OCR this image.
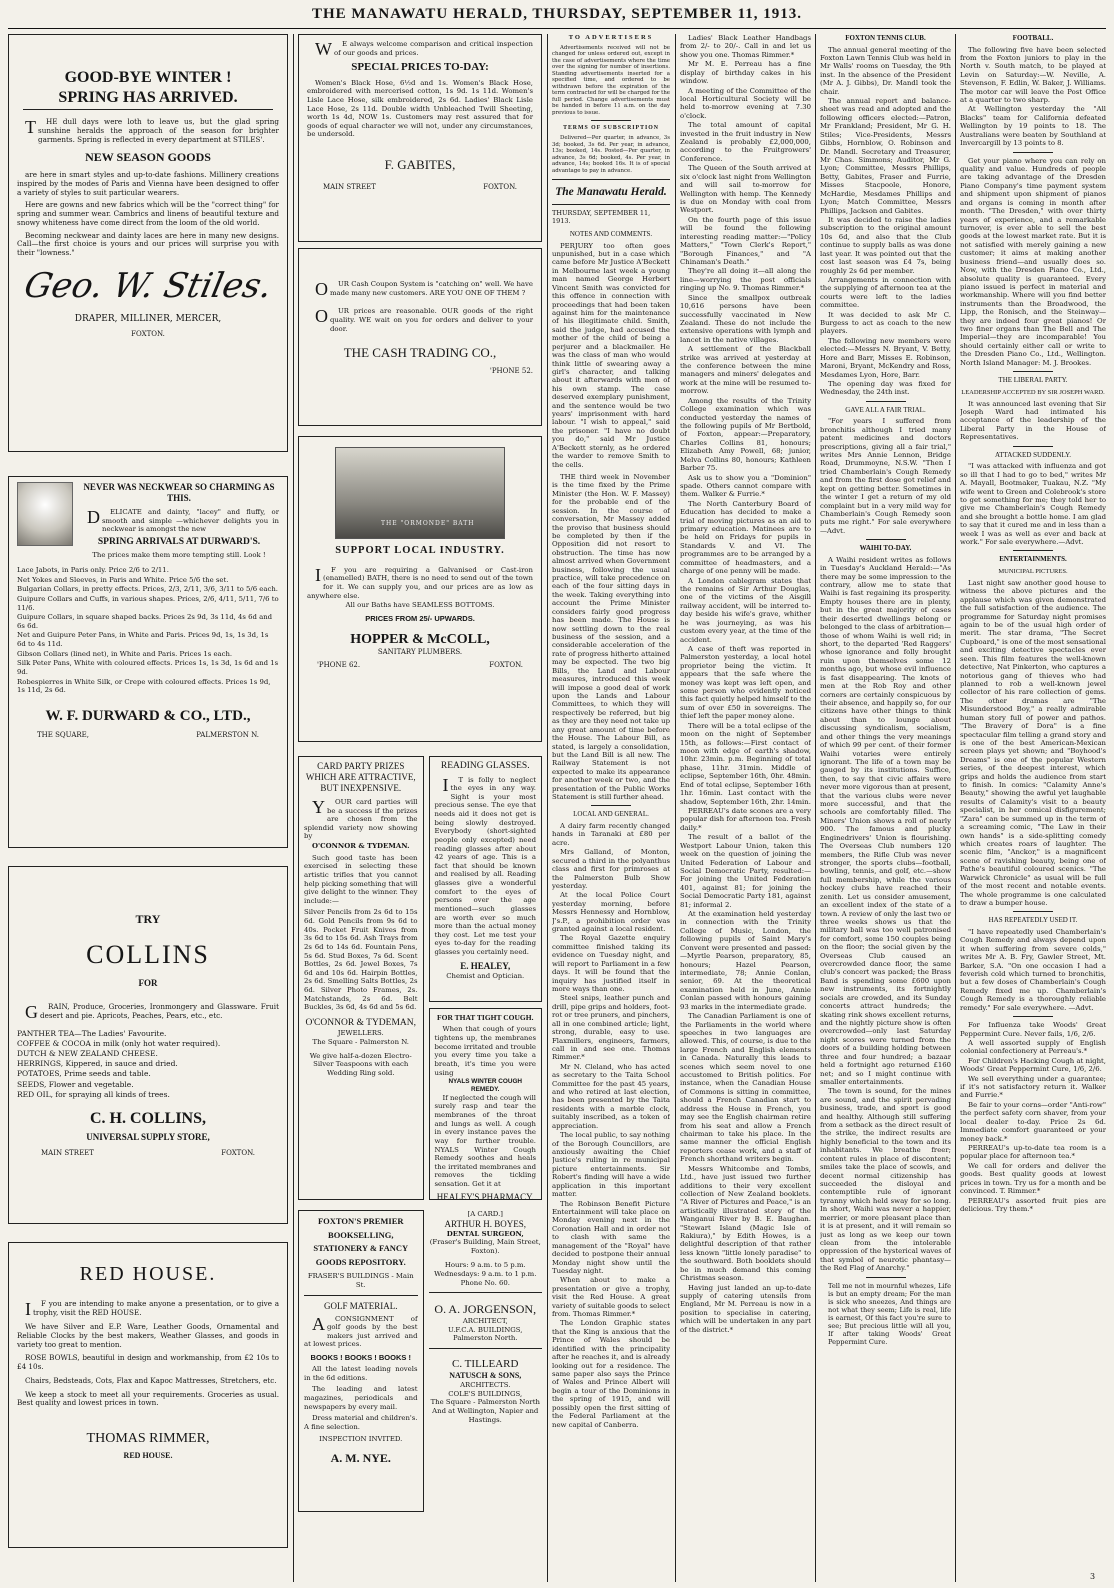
THE MANAWATU HERALD, THURSDAY, SEPTEMBER 11, 1913.
GOOD-BYE WINTER !
SPRING HAS ARRIVED.

THE dull days were loth to leave us, but the glad spring sunshine heralds the approach of the season for brighter garments. Spring is reflected in every department at STILES'.

NEW SEASON GOODS

are here in smart styles and up-to-date fashions. Millinery creations inspired by the modes of Paris and Vienna have been designed to offer a variety of styles to suit particular wearers.

Here are gowns and new fabrics which will be the "correct thing" for spring and summer wear. Cambrics and linens of beautiful texture and snowy whiteness have come direct from the loom of the old world.

Becoming neckwear and dainty laces are here in many new designs. Call—the first choice is yours and our prices will surprise you with their "lowness."

Geo. W. Stiles.
DRAPER, MILLINER, MERCER,
FOXTON.
NEVER WAS NECKWEAR SO CHARMING AS THIS.

DELICATE and dainty, "lacey" and fluffy, or smooth and simple —whichever delights you in neckwear is amongst the new

SPRING ARRIVALS AT DURWARD'S.
The prices make them more tempting still. Look !
Lace Jabots, in Paris only. Price 2/6 to 2/11.
Net Yokes and Sleeves, in Paris and White. Price 5/6 the set.
Bulgarian Collars, in pretty effects. Prices, 2/3, 2/11, 3/6, 3/11 to 5/6 each.
Guipure Collars and Cuffs, in various shapes. Prices, 2/6, 4/11, 5/11, 7/6 to 11/6.
Guipure Collars, in square shaped backs. Prices 2s 9d, 3s 11d, 4s 6d and 6s 6d.
Net and Guipure Peter Pans, in White and Paris. Prices 9d, 1s, 1s 3d, 1s 6d to 4s 11d.
Gibson Collars (lined net), in White and Paris. Prices 1s each.
Silk Peter Pans, White with coloured effects. Prices 1s, 1s 3d, 1s 6d and 1s 9d.
Robespierres in White Silk, or Crepe with coloured effects. Prices 1s 9d, 1s 11d, 2s 6d.
W. F. DURWARD & CO., LTD.,
THE SQUARE,	PALMERSTON N.
TRY
COLLINS
FOR

GRAIN, Produce, Groceries, Ironmongery and Glassware. Fruit desert and pie. Apricots, Peaches, Pears, etc., etc.

PANTHER TEA—The Ladies' Favourite.
COFFEE & COCOA in milk (only hot water required).
DUTCH & NEW ZEALAND CHEESE.
HERRINGS, Kippered, in sauce and dried.
POTATOES, Prime seeds and table.
SEEDS, Flower and vegetable.
RED OIL, for spraying all kinds of trees.
C. H. COLLINS,
UNIVERSAL SUPPLY STORE,
MAIN STREET	FOXTON.
RED HOUSE.

IF you are intending to make anyone a presentation, or to give a trophy, visit the RED HOUSE.

We have Silver and E.P. Ware, Leather Goods, Ornamental and Reliable Clocks by the best makers, Weather Glasses, and goods in variety too great to mention.

ROSE BOWLS, beautiful in design and workmanship, from £2 10s to £4 10s.

Chairs, Bedsteads, Cots, Flax and Kapoc Mattresses, Stretchers, etc.

We keep a stock to meet all your requirements. Groceries as usual. Best quality and lowest prices in town.

THOMAS RIMMER,
RED HOUSE.

WE always welcome comparison and critical inspection of our goods and prices.

SPECIAL PRICES TO-DAY:

Women's Black Hose, 6½d and 1s. Women's Black Hose, embroidered with mercerised cotton, 1s 9d. 1s 11d. Women's Lisle Lace Hose, silk embroidered, 2s 6d. Ladies' Black Lisle Lace Hose, 2s 11d. Double width Unbleached Twill Sheeting, worth 1s 4d, NOW 1s. Customers may rest assured that for goods of equal character we will not, under any circumstances, be undersold.

F. GABITES,
MAIN STREET	FOXTON.

OUR Cash Coupon System is "catching on" well. We have made many new customers. ARE YOU ONE OF THEM ?

OUR prices are reasonable. OUR goods of the right quality. WE wait on you for orders and deliver to your door.

THE CASH TRADING CO.,
'PHONE 52.
THE "ORMONDE" BATH
SUPPORT LOCAL INDUSTRY.

IF you are requiring a Galvanised or Cast-iron (enamelled) BATH, there is no need to send out of the town for it. We can supply you, and our prices are as low as anywhere else.

All our Baths have SEAMLESS BOTTOMS.
PRICES FROM 25/- UPWARDS.
HOPPER & McCOLL,
SANITARY PLUMBERS.
'PHONE 62.	FOXTON.
CARD PARTY PRIZES WHICH ARE ATTRACTIVE, BUT INEXPENSIVE.

YOUR card parties will be a success if the prizes are chosen from the splendid variety now showing by

O'CONNOR & TYDEMAN.

Such good taste has been exercised in selecting these artistic trifles that you cannot help picking something that will give delight to the winner. They include:—

Silver Pencils from 2s 6d to 15s 6d. Gold Pencils from 9s 6d to 40s. Pocket Fruit Knives from 3s 6d to 15s 6d. Ash Trays from 2s 6d to 14s 6d. Fountain Pens, 5s 6d. Stud Boxes, 7s 6d. Scent Bottles, 2s 6d. Jewel Boxes, 7s 6d and 10s 6d. Hairpin Bottles, 2s 6d. Smelling Salts Bottles, 2s 6d. Silver Photo Frames, 2s. Matchstands, 2s 6d. Belt Buckles, 3s 6d, 4s 6d and 5s 6d.

O'CONNOR & TYDEMAN,
JEWELLERS.
The Square - Palmerston N.

We give half-a-dozen Electro-Silver Teaspoons with each Wedding Ring sold.

READING GLASSES.

IT is folly to neglect the eyes in any way. Sight is your most precious sense. The eye that needs aid it does not get is being slowly destroyed. Everybody (short-sighted people only excepted) need reading glasses after about 42 years of age. This is a fact that should be known and realised by all. Reading glasses give a wonderful comfort to the eyes of persons over the age mentioned—such glasses are worth ever so much more than the actual money they cost. Let me test your eyes to-day for the reading glasses you certainly need.

E. HEALEY,
Chemist and Optician.
FOR THAT TIGHT COUGH.

When that cough of yours tightens up, the membranes become irritated and trouble you every time you take a breath, it's time you were using

NYALS WINTER COUGH REMEDY.

If neglected the cough will surely rasp and tear the membranes of the throat and lungs as well. A cough in every instance paves the way for further trouble. NYALS Winter Cough Remedy soothes and heals the irritated membranes and removes the tickling sensation. Get it at

HEALEY'S PHARMACY.
FOXTON'S PREMIER BOOKSELLING, STATIONERY & FANCY GOODS REPOSITORY.
FRASER'S BUILDINGS - Main St.
GOLF MATERIAL.

ACONSIGNMENT of golf goods by the best makers just arrived and at lowest prices.

BOOKS ! BOOKS ! BOOKS !

All the latest leading novels in the 6d editions.

The leading and latest magazines, periodicals and newspapers by every mail.

Dress material and children's. A fine selection.

INSPECTION INVITED.
A. M. NYE.
[A CARD.]
ARTHUR H. BOYES,
DENTAL SURGEON,
(Fraser's Building, Main Street, Foxton).
Hours: 9 a.m. to 5 p.m. Wednesdays: 9 a.m. to 1 p.m.
Phone No. 60.
O. A. JORGENSON,
ARCHITECT,
U.F.C.A. BUILDINGS,
Palmerston North.
C. TILLEARD
NATUSCH & SONS,
ARCHITECTS.
COLE'S BUILDINGS,
The Square - Palmerston North
And at Wellington, Napier and Hastings.
TO ADVERTISERS

Advertisements received will not be changed for unless ordered out, except in the case of advertisements where the time over the signing for number of insertions. Standing advertisements inserted for a specified time, and ordered to be withdrawn before the expiration of the term contracted for will be charged for the full period. Change advertisements must be handed in before 11 a.m. on the day previous to issue.

TERMS OF SUBSCRIPTION

Delivered—Per quarter, in advance, 3s 3d; booked, 3s 6d. Per year, in advance, 13s; booked, 14s. Posted—Per quarter, in advance, 3s 6d; booked, 4s. Per year, in advance, 14s; booked 16s. It is of special advantage to pay in advance.

The Manawatu Herald.
THURSDAY, SEPTEMBER 11, 1913.
NOTES AND COMMENTS.

PERJURY too often goes unpunished, but in a case which came before Mr Justice A'Beckett in Melbourne last week a young man named George Herbert Vincent Smith was convicted for this offence in connection with proceedings that had been taken against him for the maintenance of his illegitimate child. Smith, said the judge, had accused the mother of the child of being a perjurer and a blackmailer. He was the class of man who would think little of swearing away a girl's character, and talking about it afterwards with men of his own stamp. The case deserved exemplary punishment, and the sentence would be two years' imprisonment with hard labour. "I wish to appeal," said the prisoner. "I have no doubt you do," said Mr Justice A'Beckett sternly, as he ordered the warder to remove Smith to the cells.

THE third week in November is the time fixed by the Prime Minister (the Hon. W. F. Massey) for the probable end of the session. In the course of conversation, Mr Massey added the proviso that business should be completed by then if the Opposition did not resort to obstruction. The time has now almost arrived when Government business, following the usual practice, will take precedence on each of the four sitting days in the week. Taking everything into account the Prime Minister considers fairly good progress has been made. The House is now settling down to the real business of the session, and a considerable acceleration of the rate of progress hitherto attained may be expected. The two big Bills, the Land and Labour measures, introduced this week will impose a good deal of work upon the Lands and Labour Committees, to which they will respectively be referred, but big as they are they need not take up any great amount of time before the House. The Labour Bill, as stated, is largely a consolidation, but the Land Bill is all new. The Railway Statement is not expected to make its appearance for another week or two, and the presentation of the Public Works Statement is still further ahead.

LOCAL AND GENERAL.

A dairy farm recently changed hands in Taranaki at £80 per acre.

Mrs Galland, of Monton, secured a third in the polyanthus class and first for primroses at the Palmerston Bulb Show yesterday.

At the local Police Court yesterday morning, before Messrs Hennessy and Hornblow, J's.P., a prohibition order was granted against a local resident.

The Royal Gazette enquiry committee finished taking its evidence on Tuesday night, and will report to Parliament in a few days. It will be found that the inquiry has justified itself in more ways than one.

Steel snips, leather punch and drill, pipe grips and holders, foot-rot or tree pruners, and pinchers, all in one combined article; light, strong, durable, easy to use. Flaxmillers, engineers, farmers, call in and see one. Thomas Rimmer.*

Mr N. Cleland, who has acted as secretary to the Taita School Committee for the past 45 years, and who retired at last election, has been presented by the Taita residents with a marble clock, suitably inscribed, as a token of appreciation.

The local public, to say nothing of the Borough Councillors, are anxiously awaiting the Chief Justice's ruling in re municipal picture entertainments. Sir Robert's finding will have a wide application in this important matter.

The Robinson Benefit Picture Entertainment will take place on Monday evening next in the Coronation Hall and in order not to clash with same the management of the "Royal" have decided to postpone their annual Monday night show until the Tuesday night.

When about to make a presentation or give a trophy, visit the Red House. A great variety of suitable goods to select from. Thomas Rimmer.*

The London Graphic states that the King is anxious that the Prince of Wales should be identified with the principality after he reaches it, and is already looking out for a residence. The same paper also says the Prince of Wales and Prince Albert will begin a tour of the Dominions in the spring of 1915, and will possibly open the first sitting of the Federal Parliament at the new capital of Canberra.

Ladies' Black Leather Handbags from 2/- to 20/-. Call in and let us show you one. Thomas Rimmer.*

Mr M. E. Perreau has a fine display of birthday cakes in his window.

A meeting of the Committee of the local Horticultural Society will be held to-morrow evening at 7.30 o'clock.

The total amount of capital invested in the fruit industry in New Zealand is probably £2,000,000, according to the Fruitgrowers' Conference.

The Queen of the South arrived at six o'clock last night from Wellington and will sail to-morrow for Wellington with hemp. The Kennedy is due on Monday with coal from Westport.

On the fourth page of this issue will be found the following interesting reading matter:—"Policy Matters," "Town Clerk's Report," "Borough Finances," and "A Chinaman's Death."

They're all doing it—all along the line—worrying the post officials ringing up No. 9. Thomas Rimmer.*

Since the smallpox outbreak 10,616 persons have been successfully vaccinated in New Zealand. These do not include the extensive operations with lymph and lancet in the native villages.

A settlement of the Blackball strike was arrived at yesterday at the conference between the mine managers and miners' delegates and work at the mine will be resumed to-morrow.

Among the results of the Trinity College examination which was conducted yesterday the names of the following pupils of Mr Bertbold, of Foxton, appear:—Preparatory, Charles Collins 81, honours; Elizabeth Amy Powell, 68; junior, Melva Collins 80, honours; Kathleen Barber 75.

Ask us to show you a "Dominion" spade. Others cannot compare with them. Walker & Furrie.*

The North Canterbury Board of Education has decided to make a trial of moving pictures as an aid to primary education. Matinees are to be held on Fridays for pupils in Standards V. and VI. The programmes are to be arranged by a committee of headmasters, and a charge of one penny will be made.

A London cablegram states that the remains of Sir Arthur Douglas, one of the victims of the Aisgill railway accident, will be interred to-day beside his wife's grave, whither he was journeying, as was his custom every year, at the time of the accident.

A case of theft was reported in Palmerston yesterday, a local hotel proprietor being the victim. It appears that the safe where the money was kept was left open, and some person who evidently noticed this fact quietly helped himself to the sum of over £50 in sovereigns. The thief left the paper money alone.

There will be a total eclipse of the moon on the night of September 15th, as follows:—First contact of moon with edge of earth's shadow, 10hr. 23min. p.m. Beginning of total phase, 11hr. 31min. Middle of eclipse, September 16th, 0hr. 48min. End of total eclipse, September 16th 1hr. 16min. Last contact with the shadow, September 16th, 2hr. 14min.

PERREAU's date scones are a very popular dish for afternoon tea. Fresh daily.*

The result of a ballot of the Westport Labour Union, taken this week on the question of joining the United Federation of Labour and Social Democratic Party, resulted:—For joining the United Federation 401, against 81; for joining the Social Democratic Party 181, against 81; informal 2.

At the examination held yesterday in connection with the Trinity College of Music, London, the following pupils of Saint Mary's Convent were presented and passed:—Myrtle Pearson, preparatory, 85, honours; Hazel Pearson, intermediate, 78; Annie Conlan, senior, 69. At the theoretical examination held in June, Annie Conlan passed with honours gaining 93 marks in the intermediate grade.

The Canadian Parliament is one of the Parliaments in the world where speeches in two languages are allowed. This, of course, is due to the large French and English elements in Canada. Naturally this leads to scenes which seem novel to one accustomed to British politics. For instance, when the Canadian House of Commons is sitting in committee, should a French Canadian start to address the House in French, you may see the English chairman retire from his seat and allow a French chairman to take his place. In the same manner the official English reporters cease work, and a staff of French shorthand writers begin.

Messrs Whitcombe and Tombs, Ltd., have just issued two further additions to their very excellent collection of New Zealand booklets. "A River of Pictures and Peace," is an artistically illustrated story of the Wanganui River by B. E. Baughan. "Stewart Island (Magic Isle of Rakiura)," by Edith Howes, is a delightful description of that rather less known "little lonely paradise" to the southward. Both booklets should be in much demand this coming Christmas season.

Having just landed an up-to-date supply of catering utensils from England, Mr M. Perreau is now in a position to specialise in catering, which will be undertaken in any part of the district.*

FOXTON TENNIS CLUB.

The annual general meeting of the Foxton Lawn Tennis Club was held in Mr Walls' rooms on Tuesday, the 9th inst. In the absence of the President (Mr A. J. Gibbs), Dr. Mandl took the chair.

The annual report and balance-sheet was read and adopted and the following officers elected:—Patron, Mr Frankland; President, Mr G. H. Stiles; Vice-Presidents, Messrs Gibbs, Hornblow, O. Robinson and Dr. Mandl. Secretary and Treasurer, Mr Chas. Simmons; Auditor, Mr G. Lyon; Committee, Messrs Phillips, Betty, Gabites, Fraser and Furrie, Misses Stacpoole, Honore, McHardie, Mesdames Phillips and Lyon; Match Committee, Messrs Phillips, Jackson and Gabites.

It was decided to raise the ladies subscription to the original amount 10s 6d, and also that the Club continue to supply balls as was done last year. It was pointed out that the cost last season was £4 7s, being roughly 2s 6d per member.

Arrangements in connection with the supplying of afternoon tea at the courts were left to the ladies committee.

It was decided to ask Mr C. Burgess to act as coach to the new players.

The following new members were elected:—Messrs N. Bryant, V. Betty, Hore and Barr, Misses E. Robinson, Maroni, Bryant, McKendry and Ross, Mesdames Lyon, Hore, Barr.

The opening day was fixed for Wednesday, the 24th inst.

GAVE ALL A FAIR TRIAL.

"For years I suffered from bronchitis although I tried many patent medicines and doctors prescriptions, giving all a fair trial," writes Mrs Annie Lennon, Bridge Road, Drummoyne, N.S.W. "Then I tried Chamberlain's Cough Remedy and from the first dose got relief and kept on getting better. Sometimes in the winter I get a return of my old complaint but in a very mild way for Chamberlain's Cough Remedy soon puts me right." For sale everywhere—Advt.

WAIHI TO-DAY.

A Waihi resident writes as follows in Tuesday's Auckland Herald:—"As there may be some impression to the contrary, allow me to state that Waihi is fast regaining its prosperity. Empty houses there are in plenty, but in the great majority of cases their deserted dwellings belong or belonged to the class of arbitration—those of whom Waihi is well rid; in short, to the departed 'Red Raggers' whose ignorance and folly brought ruin upon themselves some 12 months ago, but whose evil influence is fast disappearing. The knots of men at the Rob Roy and other corners are certainly conspicuous by their absence, and happily so, for our citizens have other things to think about than to lounge about discussing syndicalism, socialism, and other things the very meanings of which 99 per cent. of their former Waihi votaries were entirely ignorant. The life of a town may be gauged by its institutions. Suffice, then, to say that civic affairs were never more vigorous than at present, that the various clubs were never more successful, and that the schools are comfortably filled. The Miners' Union shows a roll of nearly 900. The famous and plucky Enginedrivers' Union is flourishing. The Overseas Club numbers 120 members, the Rifle Club was never stronger, the sports clubs—football, bowling, tennis, and golf, etc.—show full membership, while the various hockey clubs have reached their zenith. Let us consider amusement, an excellent index of the state of a town. A review of only the last two or three weeks shows us that the military ball was too well patronised for comfort, some 150 couples being on the floor; the social given by the Overseas Club caused an overcrowded dance floor, the same club's concert was packed; the Brass Band is spending some £600 upon new instruments, its fortnightly socials are crowded, and its Sunday concerts attract hundreds; the skating rink shows excellent returns, and the nightly picture show is often overcrowded—only last Saturday night scores were turned from the doors of a building holding between three and four hundred; a bazaar held a fortnight ago returned £160 net; and so I might continue with smaller entertainments.

The town is sound, for the mines are sound, and the spirit pervading business, trade, and sport is good and healthy. Although still suffering from a setback as the direct result of the strike, the indirect results are highly beneficial to the town and its inhabitants. We breathe freer; content rules in place of discontent; smiles take the place of scowls, and decent normal citizenship has succeeded the disloyal and contemptible rule of ignorant tyranny which held sway for so long. In short, Waihi was never a happier, merrier, or more pleasant place than it is at present, and it will remain so just as long as we keep our town clean from the intolerable oppression of the hysterical waves of that symbol of neurotic phantasy—the Red Flag of Anarchy."

Tell me not in mournful whezes, Life is but an empty dream; For the man is sick who sneezes, And things are not what they seem; Life is real, life is earnest, Of this fact you're sure to see; But precious little will all you, If after taking Woods' Great Peppermint Cure.

FOOTBALL.

The following five have been selected from the Foxton juniors to play in the North v. South match, to be played at Levin on Saturday:—W. Neville, A. Stevenson, F. Edlin, W. Baker, J. Williams. The motor car will leave the Post Office at a quarter to two sharp.

At Wellington yesterday the "All Blacks" team for California defeated Wellington by 19 points to 18. The Australians were beaten by Southland at Invercargill by 13 points to 8.

Get your piano where you can rely on quality and value. Hundreds of people are taking advantage of the Dresden Piano Company's time payment system and shipment upon shipment of pianos and organs is coming in month after month. "The Dresden," with over thirty years of experience, and a remarkable turnover, is ever able to sell the best goods at the lowest market rate. But it is not satisfied with merely gaining a new customer; it aims at making another business friend—and usually does so. Now, with the Dresden Piano Co., Ltd., absolute quality is guaranteed. Every piano issued is perfect in material and workmanship. Where will you find better instruments than the Broadwood, the Lipp, the Ronisch, and the Steinway—they are indeed four great pianos! Or two finer organs than The Bell and The Imperial—they are incomparable! You should certainly either call or write to the Dresden Piano Co., Ltd., Wellington. North Island Manager: M. J. Brookes.

THE LIBERAL PARTY.
LEADERSHIP ACCEPTED BY SIR JOSEPH WARD.

It was announced last evening that Sir Joseph Ward had intimated his acceptance of the leadership of the Liberal Party in the House of Representatives.

ATTACKED SUDDENLY.

"I was attacked with influenza and got so ill that I had to go to bed," writes Mr A. Mayall, Bootmaker, Tuakau, N.Z. "My wife went to Green and Colebrook's store to get something for me; they told her to give me Chamberlain's Cough Remedy and she brought a bottle home. I am glad to say that it cured me and in less than a week I was as well as ever and back at work." For sale everywhere.—Advt.

ENTERTAINMENTS.
MUNICIPAL PICTURES.

Last night saw another good house to witness the above pictures and the applause which was given demonstrated the full satisfaction of the audience. The programme for Saturday night promises again to be of the usual high order of merit. The star drama, "The Secret Cupboard," is one of the most sensational and exciting detective spectacles ever seen. This film features the well-known detective, Nat Pinkerton, who captures a notorious gang of thieves who had planned to rob a well-known jewel collector of his rare collection of gems. The other dramas are "The Misunderstood Boy," a really admirable human story full of power and pathos. "The Bravery of Dora" is a fine spectacular film telling a grand story and is one of the best American-Mexican screen plays yet shown; and "Boyhood's Dreams" is one of the popular Western series, of the deepest interest, which grips and holds the audience from start to finish. In comics: "Calamity Anne's Beauty," showing the awful yet laughable results of Calamity's visit to a beauty specialist, in her comical disfigurement; "Zara" can be summed up in the term of a screaming comic, "The Law in their own hands" is a side-splitting comedy which creates roars of laughter. The scenic film, "Anckor," is a magnificent scene of ravishing beauty, being one of Pathe's beautiful coloured scenics. "The Warwick Chronicle" as usual will be full of the most recent and notable events. The whole programme is one calculated to draw a bumper house.

HAS REPEATEDLY USED IT.

"I have repeatedly used Chamberlain's Cough Remedy and always depend upon it when suffering from severe colds," writes Mr A. B. Fry, Gawler Street, Mt. Barker, S.A. "On one occasion I had a feverish cold which turned to bronchitis, but a few doses of Chamberlain's Cough Remedy fixed me up. Chamberlain's Cough Remedy is a thoroughly reliable remedy." For sale everywhere. —Advt.

For Influenza take Woods' Great Peppermint Cure. Never fails, 1/6, 2/6.

A well assorted supply of English colonial confectionery at Perreau's.*

For Children's Hacking Cough at night, Woods' Great Peppermint Cure, 1/6, 2/6.

We sell everything under a guarantee; if it's not satisfactory return it. Walker and Furrie.*

Be fair to your corns—order "Anti-row" the perfect safety corn shaver, from your local dealer to-day. Price 2s 6d. Immediate comfort guaranteed or your money back.*

PERREAU's up-to-date tea room is a popular place for afternoon tea.*

We call for orders and deliver the goods. Best quality goods at lowest prices in town. Try us for a month and be convinced. T. Rimmer.*

PERREAU's assorted fruit pies are delicious. Try them.*

3
